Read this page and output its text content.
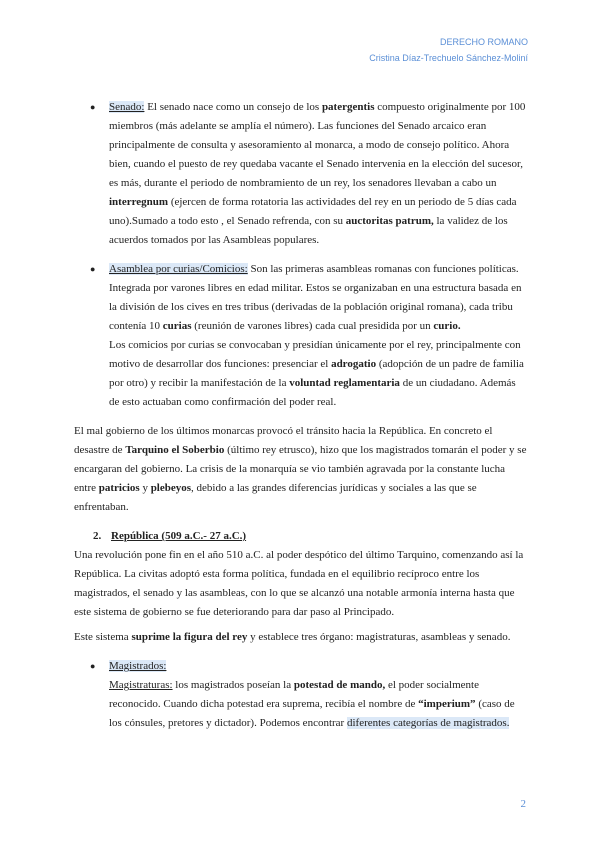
DERECHO ROMANO
Cristina Díaz-Trechuelo Sánchez-Moliní
● Senado: El senado nace como un consejo de los patergentis compuesto originalmente por 100 miembros (más adelante se amplía el número). Las funciones del Senado arcaico eran principalmente de consulta y asesoramiento al monarca, a modo de consejo político. Ahora bien, cuando el puesto de rey quedaba vacante el Senado intervenia en la elección del sucesor, es más, durante el periodo de nombramiento de un rey, los senadores llevaban a cabo un interregnum (ejercen de forma rotatoria las actividades del rey en un periodo de 5 días cada uno).Sumado a todo esto , el Senado refrenda, con su auctoritas patrum, la validez de los acuerdos tomados por las Asambleas populares.

● Asamblea por curias/Comicios: Son las primeras asambleas romanas con funciones políticas. Integrada por varones libres en edad militar. Estos se organizaban en una estructura basada en la división de los cives en tres tribus (derivadas de la población original romana), cada tribu contenía 10 curias (reunión de varones libres) cada cual presidida por un curio.

Los comicios por curias se convocaban y presidían únicamente por el rey, principalmente con motivo de desarrollar dos funciones: presenciar el adrogatio (adopción de un padre de familia por otro) y recibir la manifestación de la voluntad reglamentaria de un ciudadano. Además de esto actuaban como confirmación del poder real.

El mal gobierno de los últimos monarcas provocó el tránsito hacia la República. En concreto el desastre de Tarquino el Soberbio (último rey etrusco), hizo que los magistrados tomarán el poder y se encargaran del gobierno. La crisis de la monarquía se vio también agravada por la constante lucha entre patricios y plebeyos, debido a las grandes diferencias jurídicas y sociales a las que se enfrentaban.

2. República (509 a.C.- 27 a.C.)

Una revolución pone fin en el año 510 a.C. al poder despótico del último Tarquino, comenzando así la República. La civitas adoptó esta forma política, fundada en el equilibrio recíproco entre los magistrados, el senado y las asambleas, con lo que se alcanzó una notable armonía interna hasta que este sistema de gobierno se fue deteriorando para dar paso al Principado.

Este sistema suprime la figura del rey y establece tres órgano: magistraturas, asambleas y senado.

● Magistrados:

Magistraturas: los magistrados poseían la potestad de mando, el poder socialmente reconocido. Cuando dicha potestad era suprema, recibía el nombre de “imperium” (caso de los cónsules, pretores y dictador). Podemos encontrar diferentes categorías de magistrados.

2
